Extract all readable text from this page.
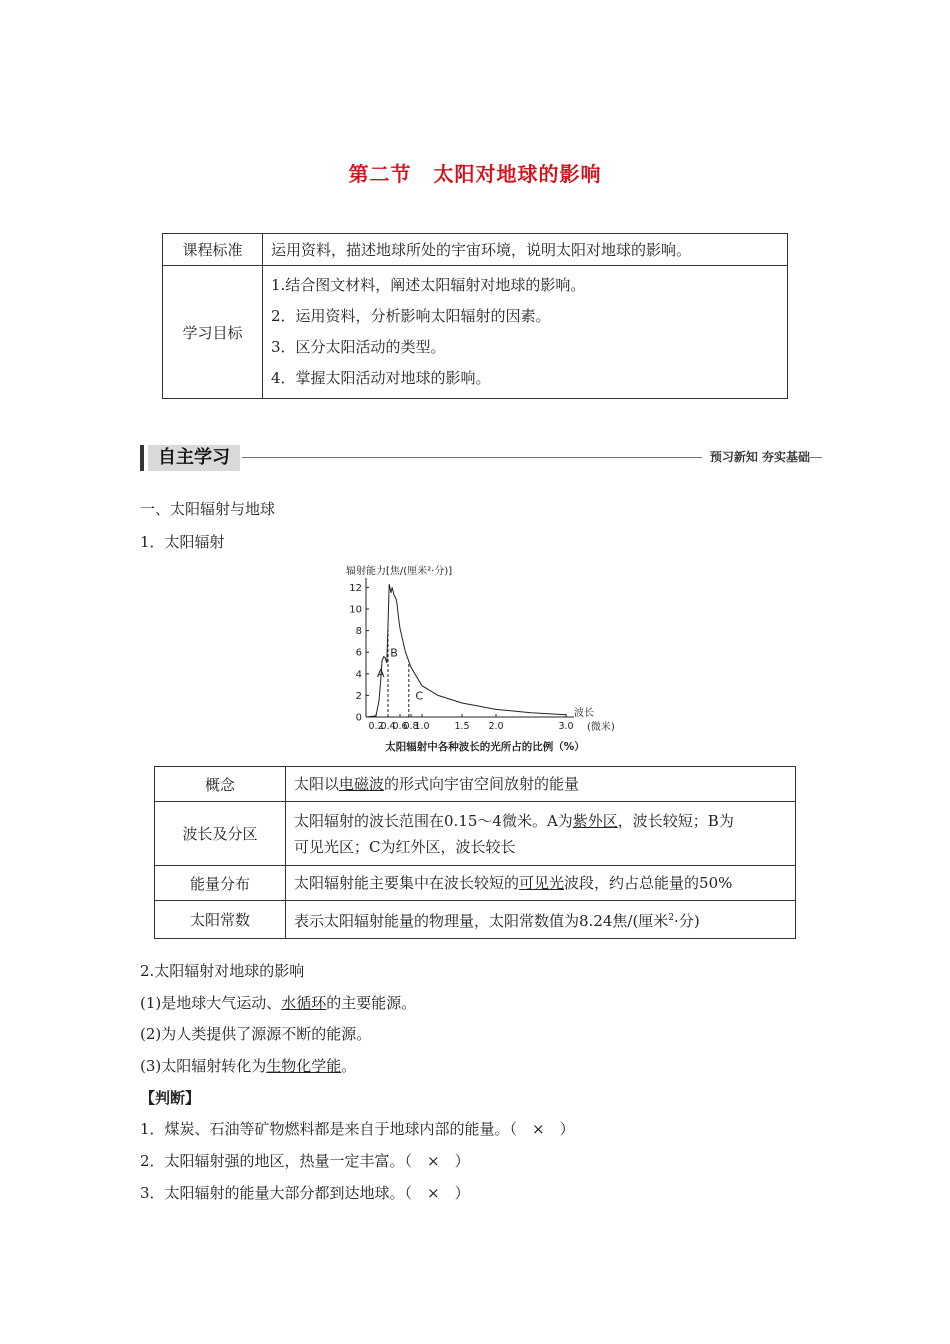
第二节 太阳对地球的影响
课程标准	运用资料，描述地球所处的宇宙环境，说明太阳对地球的影响。
学习目标	1.结合图文材料，阐述太阳辐射对地球的影响。
2．运用资料，分析影响太阳辐射的因素。
3．区分太阳活动的类型。
4．掌握太阳活动对地球的影响。
自主学习	预习新知 夯实基础
一、太阳辐射与地球
1．太阳辐射
辐射能力[焦/(厘米²·分)]
0
2
4
6
8
10
12
0.2
0.4
0.6
0.8
1.0	1.5 2.0	3.0
A
B
C
波长
(微米)
太阳辐射中各种波长的光所占的比例（%）
概念	太阳以电磁波的形式向宇宙空间放射的能量
波长及分区	太阳辐射的波长范围在0.15～4微米。A为紫外区，波长较短；B为
可见光区；C为红外区，波长较长
能量分布	太阳辐射能主要集中在波长较短的可见光波段，约占总能量的50%
太阳常数	表示太阳辐射能量的物理量，太阳常数值为8.24焦/(厘米$^2$·分)
2.太阳辐射对地球的影响
(1)是地球大气运动、水循环的主要能源。
(2)为人类提供了源源不断的能源。
(3)太阳辐射转化为生物化学能。
【判断】
1．煤炭、石油等矿物燃料都是来自于地球内部的能量。（　×　）
2．太阳辐射强的地区，热量一定丰富。（　×　）
3．太阳辐射的能量大部分都到达地球。（　×　）
